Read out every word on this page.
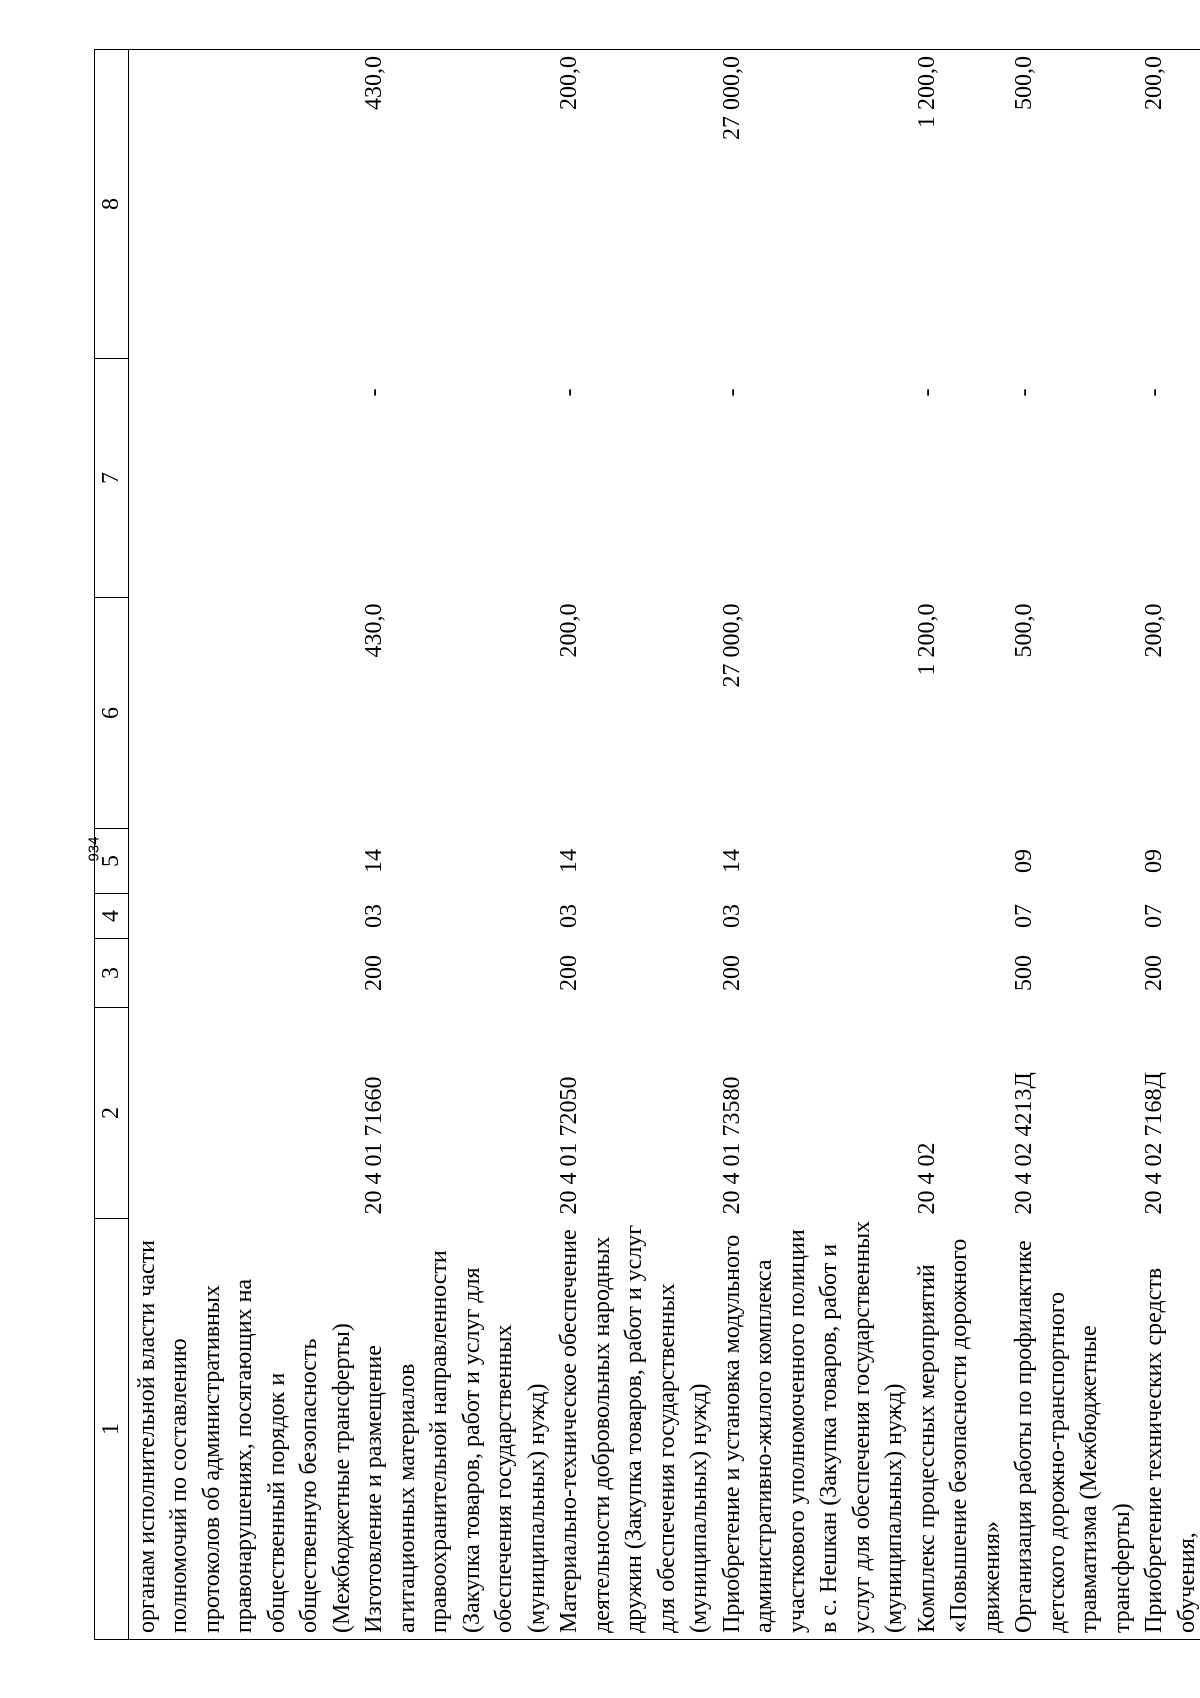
934
1	2	3	4	5	6	7	8
органам исполнительной власти части полномочий по составлению протоколов об административных правонарушениях, посягающих на общественный порядок и общественную безопасность (Межбюджетные трансферты)							
Изготовление и размещение агитационных материалов правоохранительной направленности (Закупка товаров, работ и услуг для обеспечения государственных (муниципальных) нужд)	20 4 01 71660	200	03	14	430,0	-	430,0
Материально-техническое обеспечение деятельности добровольных народных дружин (Закупка товаров, работ и услуг для обеспечения государственных (муниципальных) нужд)	20 4 01 72050	200	03	14	200,0	-	200,0
Приобретение и установка модульного административно-жилого комплекса участкового уполномоченного полиции в с. Нешкан (Закупка товаров, работ и услуг для обеспечения государственных (муниципальных) нужд)	20 4 01 73580	200	03	14	27 000,0	-	27 000,0
Комплекс процессных мероприятий «Повышение безопасности дорожного движения»	20 4 02				1 200,0	-	1 200,0
Организация работы по профилактике детского дорожно-транспортного травматизма (Межбюджетные трансферты)	20 4 02 4213Д	500	07	09	500,0	-	500,0
Приобретение технических средств обучения,	20 4 02 7168Д	200	07	09	200,0	-	200,0
